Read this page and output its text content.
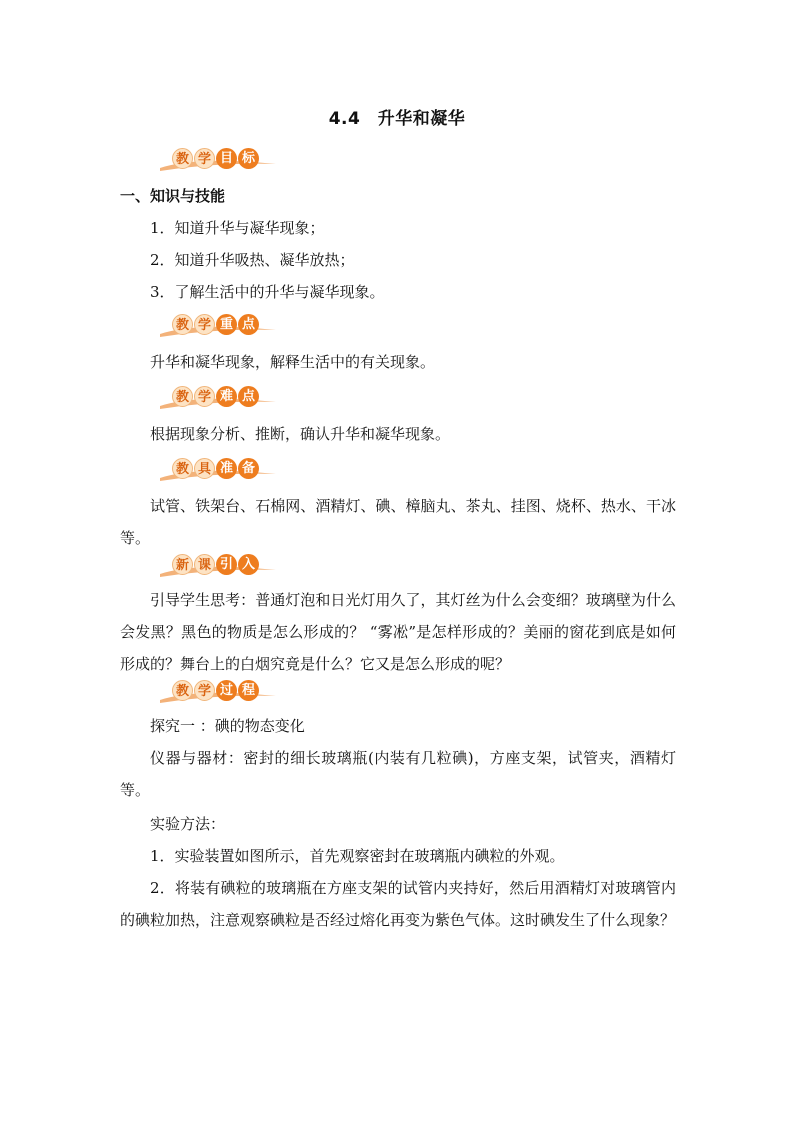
4.4　升华和凝华
教 学 目 标
一、知识与技能
1．知道升华与凝华现象；
2．知道升华吸热、凝华放热；
3．了解生活中的升华与凝华现象。
教 学 重 点
升华和凝华现象，解释生活中的有关现象。
教 学 难 点
根据现象分析、推断，确认升华和凝华现象。
教 具 准 备
试管、铁架台、石棉网、酒精灯、碘、樟脑丸、茶丸、挂图、烧杯、热水、干冰等。
新 课 引 入
引导学生思考：普通灯泡和日光灯用久了，其灯丝为什么会变细？玻璃壁为什么会发黑？黑色的物质是怎么形成的？ “雾凇”是怎样形成的？美丽的窗花到底是如何形成的？舞台上的白烟究竟是什么？它又是怎么形成的呢？
教 学 过 程
探究一 ：碘的物态变化
仪器与器材：密封的细长玻璃瓶(内装有几粒碘)，方座支架，试管夹，酒精灯等。
实验方法：
1．实验装置如图所示，首先观察密封在玻璃瓶内碘粒的外观。
2．将装有碘粒的玻璃瓶在方座支架的试管内夹持好，然后用酒精灯对玻璃管内的碘粒加热，注意观察碘粒是否经过熔化再变为紫色气体。这时碘发生了什么现象？
